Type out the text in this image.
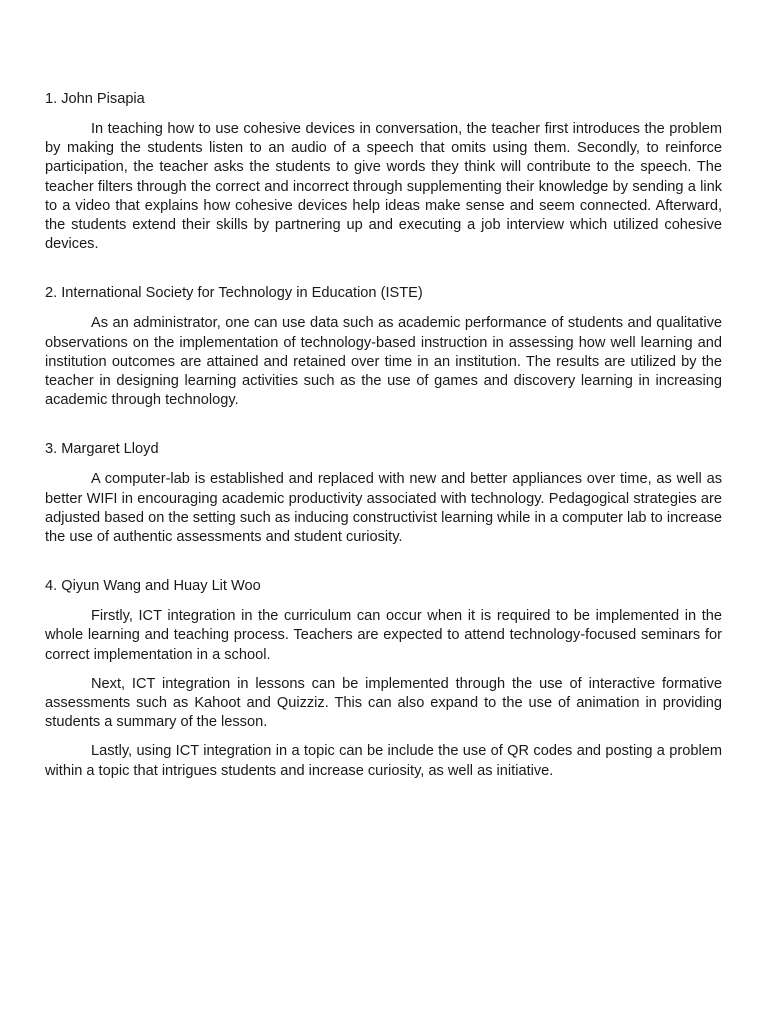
1. John Pisapia

In teaching how to use cohesive devices in conversation, the teacher first introduces the problem by making the students listen to an audio of a speech that omits using them. Secondly, to reinforce participation, the teacher asks the students to give words they think will contribute to the speech. The teacher filters through the correct and incorrect through supplementing their knowledge by sending a link to a video that explains how cohesive devices help ideas make sense and seem connected. Afterward, the students extend their skills by partnering up and executing a job interview which utilized cohesive devices.

2. International Society for Technology in Education (ISTE)

As an administrator, one can use data such as academic performance of students and qualitative observations on the implementation of technology-based instruction in assessing how well learning and institution outcomes are attained and retained over time in an institution. The results are utilized by the teacher in designing learning activities such as the use of games and discovery learning in increasing academic through technology.

3. Margaret Lloyd

A computer-lab is established and replaced with new and better appliances over time, as well as better WIFI in encouraging academic productivity associated with technology. Pedagogical strategies are adjusted based on the setting such as inducing constructivist learning while in a computer lab to increase the use of authentic assessments and student curiosity.

4. Qiyun Wang and Huay Lit Woo

Firstly, ICT integration in the curriculum can occur when it is required to be implemented in the whole learning and teaching process. Teachers are expected to attend technology-focused seminars for correct implementation in a school.

Next, ICT integration in lessons can be implemented through the use of interactive formative assessments such as Kahoot and Quizziz. This can also expand to the use of animation in providing students a summary of the lesson.

Lastly, using ICT integration in a topic can be include the use of QR codes and posting a problem within a topic that intrigues students and increase curiosity, as well as initiative.
